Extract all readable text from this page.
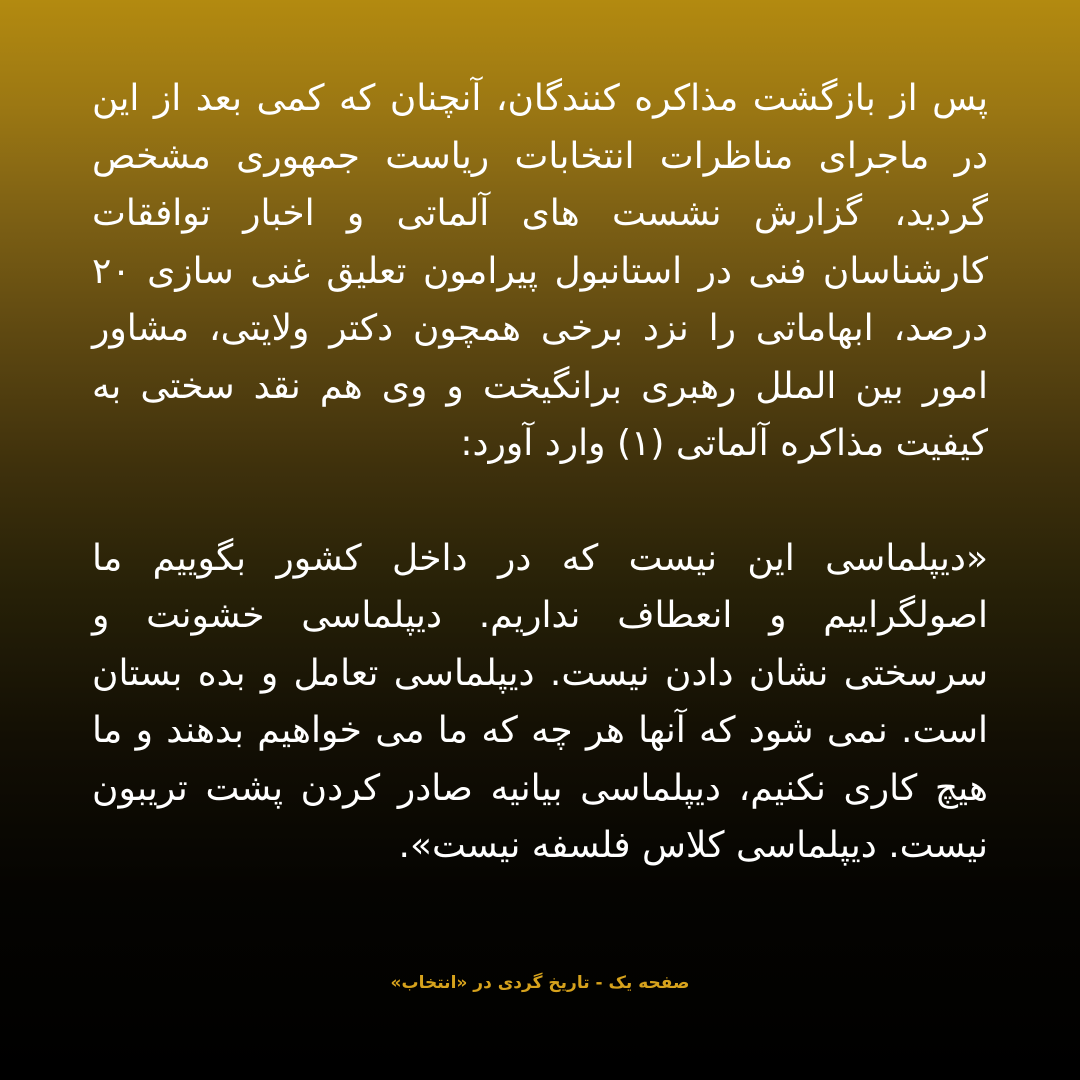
پس از بازگشت مذاکره کنندگان، آنچنان که کمی بعد از این در ماجرای مناظرات انتخابات ریاست جمهوری مشخص گردید، گزارش نشست های آلماتی و اخبار توافقات کارشناسان فنی در استانبول پیرامون تعلیق غنی سازی ۲۰ درصد، ابهاماتی را نزد برخی همچون دکتر ولایتی، مشاور امور بین الملل رهبری برانگیخت و وی هم نقد سختی به کیفیت مذاکره آلماتی (۱) وارد آورد:

«دیپلماسی این نیست که در داخل کشور بگوییم ما اصولگراییم و انعطاف نداریم. دیپلماسی خشونت و سرسختی نشان دادن نیست. دیپلماسی تعامل و بده بستان است. نمی شود که آنها هر چه که ما می خواهیم بدهند و ما هیچ کاری نکنیم، دیپلماسی بیانیه صادر کردن پشت تریبون نیست. دیپلماسی کلاس فلسفه نیست».

صفحه یک - تاریخ گردی در «انتخاب»
